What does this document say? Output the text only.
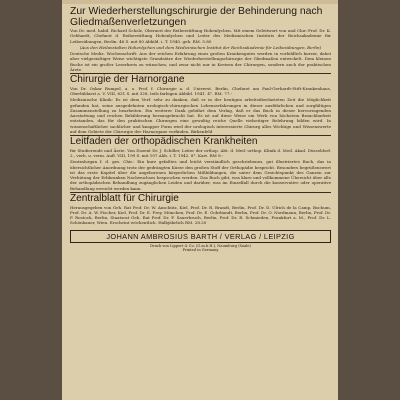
Zur Wiederherstellungschirurgie der Behinderung nach Gliedmaßenverletzungen

Von Dr. med. habil. Richard Scholz, Oberarzt der Reiherstiftung Hohenlychen. Mit einem Geleitwort von und Chir.-Prof. Dr. K. Gebhardt, Chefarzt d. Reiherstiftung Hohenlychen und Leiter des Medizinischen Instituts der Reichsakademie für Leibesübungen, Berlin. 46 S. mit 80 Abbild. i. T. 1940. geh. RM. 5.80

(Aus den Heilanstalten Hohenlychen und dem Medizinischen Institut der Reichsakademie für Leibesübungen, Berlin)

Deutsche Mediz. Wochenschrift: Aus der reichen Erfahrung eines großen Krankengutes werden in vorbildlich kurzer, dabei aber vielgestaltiger Weise wichtigste Grundsätze der Wiederherstellungschirurgie der Gliedmaßen entwickelt. Dem kleinen Buche ist ein großer Leserkreis zu wünschen, und zwar nicht nur in Kreisen der Chirurgen, sondern auch der praktischen Ärzte.

Chirurgie der Harnorgane

Von Dr. Oskar Rumpel, a. o. Prof. f. Chirurgie a. d. Universt. Berlin, Chefarzt am Paul-Gerhardt-Stift-Krankenhaus, Oberbildarzt a. V. VIII, 631 S. mit 328, teils farbigen Abbild. 1941. 4°. RM. 77.-

Medizinische Klinik: Es ist dem Verf. sehr zu danken, daß er in der heutigen arbeitsüberlasteten Zeit die Möglichkeit gefunden hat, seine ausgedehnten urologisch-chirurgischen Lebenserfahrungen in dieser ausführlichen und sorgfältigen Zusammenstellung zu bearbeiten. Ein weiterer Dank gebührt dem Verlag, daß er das Buch in dieser hervorragenden Ausstattung und reichen Bebilderung herausgebracht hat. Es ist auf diese Weise ein Werk von höchstem Brauchbarkeit entstanden, das für den praktischen Chirurgen eine gewaltig reiche Quelle vielseitiger Belehrung bilden wird. In wissenschaftlicher sachlicher und knapper Form wird der urologisch interessierte Chirurg alles Wichtige und Wissenswerte auf dem Gebiete der Chirurgie der Harnorgane vorfinden. Birkenfeld

Leitfaden der orthopädischen Krankheiten

für Studierende und Ärzte. Von Dozent Dr. J. Schiller, Leiter der orthop. Abt. d. Med.-orthop. Klinik d. Med. Akad. Düsseldorf. 2., verb. u. verm. Aufl. VIII, 199 S. mit 107 Abb. i. T. 1942. 8°. Kart. RM 8.-

Zentralorgan f. d. ges. Chir.: Ein kurz gefaßtes und leicht verständlich geschriebenes, gut illustriertes Buch, das in übersichtlicher Anordnung trotz der gedrängten Kürze den großen Stoff der Orthopädie bespricht. Besonders begrüßenswert ist das erste Kapitel über die angeborenen körperlichen Mißbildungen, die unter dem Gesichtspunkt des Ganzen zur Verhütung der Erbkranken Nachwuchses besprochen werden. Das Buch gibt, was klare und vollkommene Übersicht über alle der orthopädischen Behandlung zugänglichen Leiden und darüber, was im Einzelfall durch die konservative oder operative Behandlung erreicht werden kann.

Zentralblatt für Chirurgie

Herausgegeben von Geh. Rat Prof. Dr. W. Anschütz, Kiel, Prof. Dr. R. Brandt, Berlin, Prof. Dr. D. Ulrich de la Camp, Bochum, Prof. Dr. A. W. Fischer, Kiel, Prof. Dr. E. Frey, München, Prof. Dr. E. Gohrbandt, Berlin, Prof. Dr. O. Nordmann, Berlin, Prof. Dr. P. Rostock, Berlin, Staatsrat Geh. Rat Prof. Dr. F. Sauerbruch, Berlin, Prof. Dr. R. Schmieden, Frankfurt a. M., Prof. Dr. L. Schönbauer, Wien. Erscheint wöchentlich. Halbjährlich RM. 28.20

JOHANN AMBROSIUS BARTH / VERLAG / LEIPZIG
Druck von Lippert & Co. (G.m.b.H.), Naumburg (Saale)
Printed in Germany
